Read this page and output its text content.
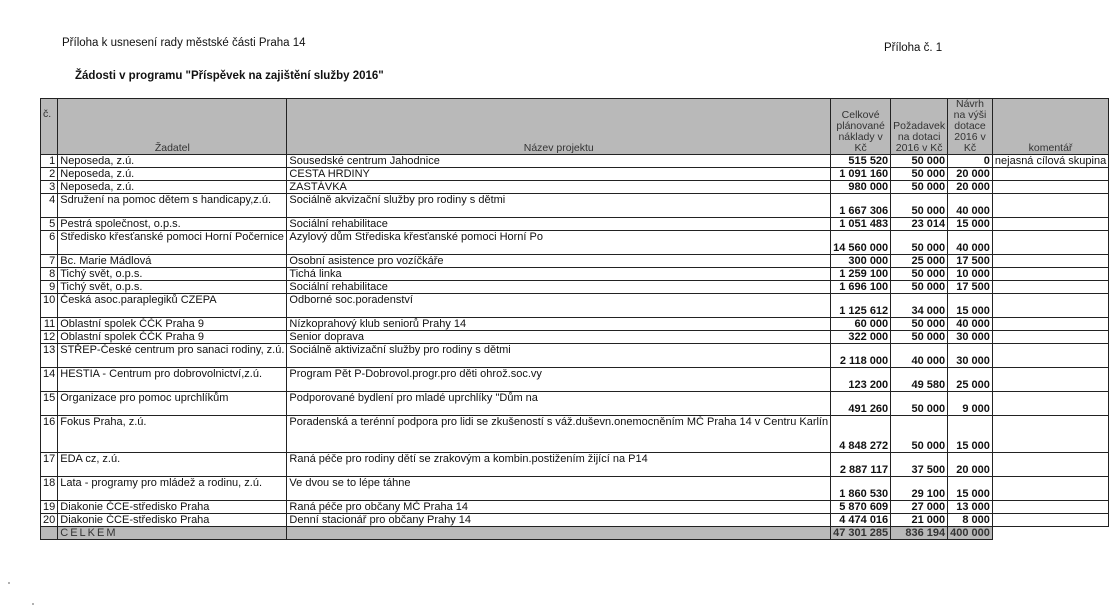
Příloha k usnesení rady městské části Praha 14	Příloha č. 1
Žádosti v programu "Příspěvek na zajištění služby 2016"
č.	Žadatel	Název projektu	Celkové plánované náklady v Kč	Požadavek na dotaci 2016 v Kč	Návrh na výši dotace 2016 v Kč	komentář
1	Neposeda, z.ú.	Sousedské centrum Jahodnice	515 520	50 000	0	nejasná cílová skupina
2	Neposeda, z.ú.	CESTA HRDINY	1 091 160	50 000	20 000	
3	Neposeda, z.ú.	ZASTÁVKA	980 000	50 000	20 000	
4	Sdružení na pomoc dětem s handicapy,z.ú.	Sociálně akvizační služby pro rodiny s dětmi	1 667 306	50 000	40 000	
5	Pestrá společnost, o.p.s.	Sociální rehabilitace	1 051 483	23 014	15 000	
6	Středisko křesťanské pomoci Horní Počernice	Azylový dům Střediska křesťanské pomoci Horní Po	14 560 000	50 000	40 000	
7	Bc. Marie Mádlová	Osobní asistence pro vozíčkáře	300 000	25 000	17 500	
8	Tichý svět, o.p.s.	Tichá linka	1 259 100	50 000	10 000	
9	Tichý svět, o.p.s.	Sociální rehabilitace	1 696 100	50 000	17 500	
10	Česká asoc.paraplegiků CZEPA	Odborné soc.poradenství	1 125 612	34 000	15 000	
11	Oblastní spolek ČČK Praha 9	Nízkoprahový klub seniorů Prahy 14	60 000	50 000	40 000	
12	Oblastní spolek ČČK Praha 9	Senior doprava	322 000	50 000	30 000	
13	STŘEP-České centrum pro sanaci rodiny, z.ú.	Sociálně aktivizační služby pro rodiny s dětmi	2 118 000	40 000	30 000	
14	HESTIA - Centrum pro dobrovolnictví,z.ú.	Program Pět P-Dobrovol.progr.pro děti ohrož.soc.vy	123 200	49 580	25 000	
15	Organizace pro pomoc uprchlíkům	Podporované bydlení pro mladé uprchlíky "Dům na	491 260	50 000	9 000	
16	Fokus Praha, z.ú.	Poradenská a terénní podpora pro lidi se zkušeností s váž.duševn.onemocněním MČ Praha 14 v Centru Karlín	4 848 272	50 000	15 000	
17	EDA cz, z.ú.	Raná péče pro rodiny dětí se zrakovým a kombin.postižením žijící na P14	2 887 117	37 500	20 000	
18	Lata - programy pro mládež a rodinu, z.ú.	Ve dvou se to lépe táhne	1 860 530	29 100	15 000	
19	Diakonie ČCE-středisko Praha	Raná péče pro občany MČ Praha 14	5 870 609	27 000	13 000	
20	Diakonie ČCE-středisko Praha	Denní stacionář pro občany Prahy 14	4 474 016	21 000	8 000	
	CELKEM		47 301 285	836 194	400 000	
